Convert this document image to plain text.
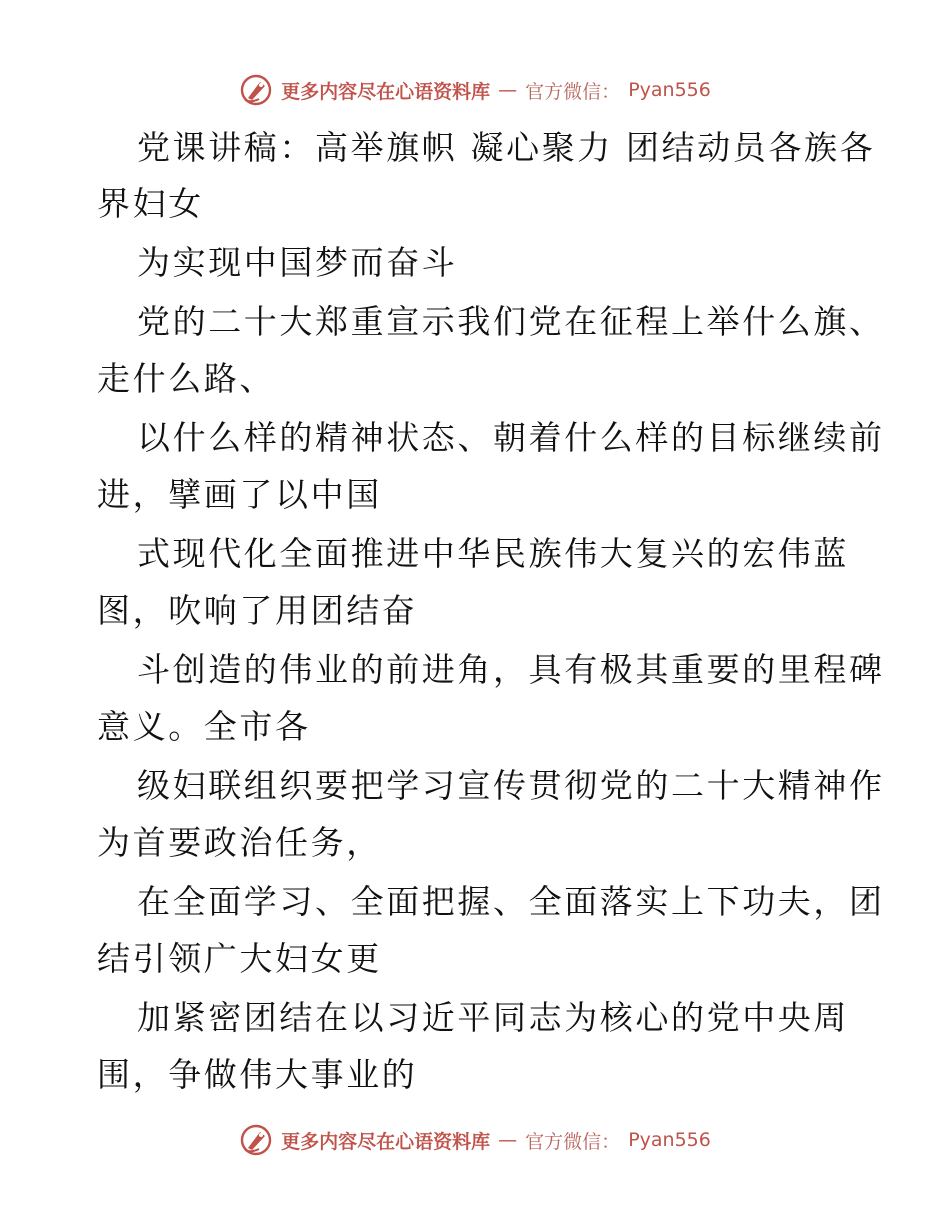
更多内容尽在心语资料库 — 官方微信： Pyan556
党课讲稿：高举旗帜 凝心聚力 团结动员各族各
界妇女
为实现中国梦而奋斗
党的二十大郑重宣示我们党在征程上举什么旗、
走什么路、
以什么样的精神状态、朝着什么样的目标继续前
进，擘画了以中国
式现代化全面推进中华民族伟大复兴的宏伟蓝
图，吹响了用团结奋
斗创造的伟业的前进角，具有极其重要的里程碑
意义。全市各
级妇联组织要把学习宣传贯彻党的二十大精神作
为首要政治任务，
在全面学习、全面把握、全面落实上下功夫，团
结引领广大妇女更
加紧密团结在以习近平同志为核心的党中央周
围，争做伟大事业的
更多内容尽在心语资料库 — 官方微信： Pyan556
